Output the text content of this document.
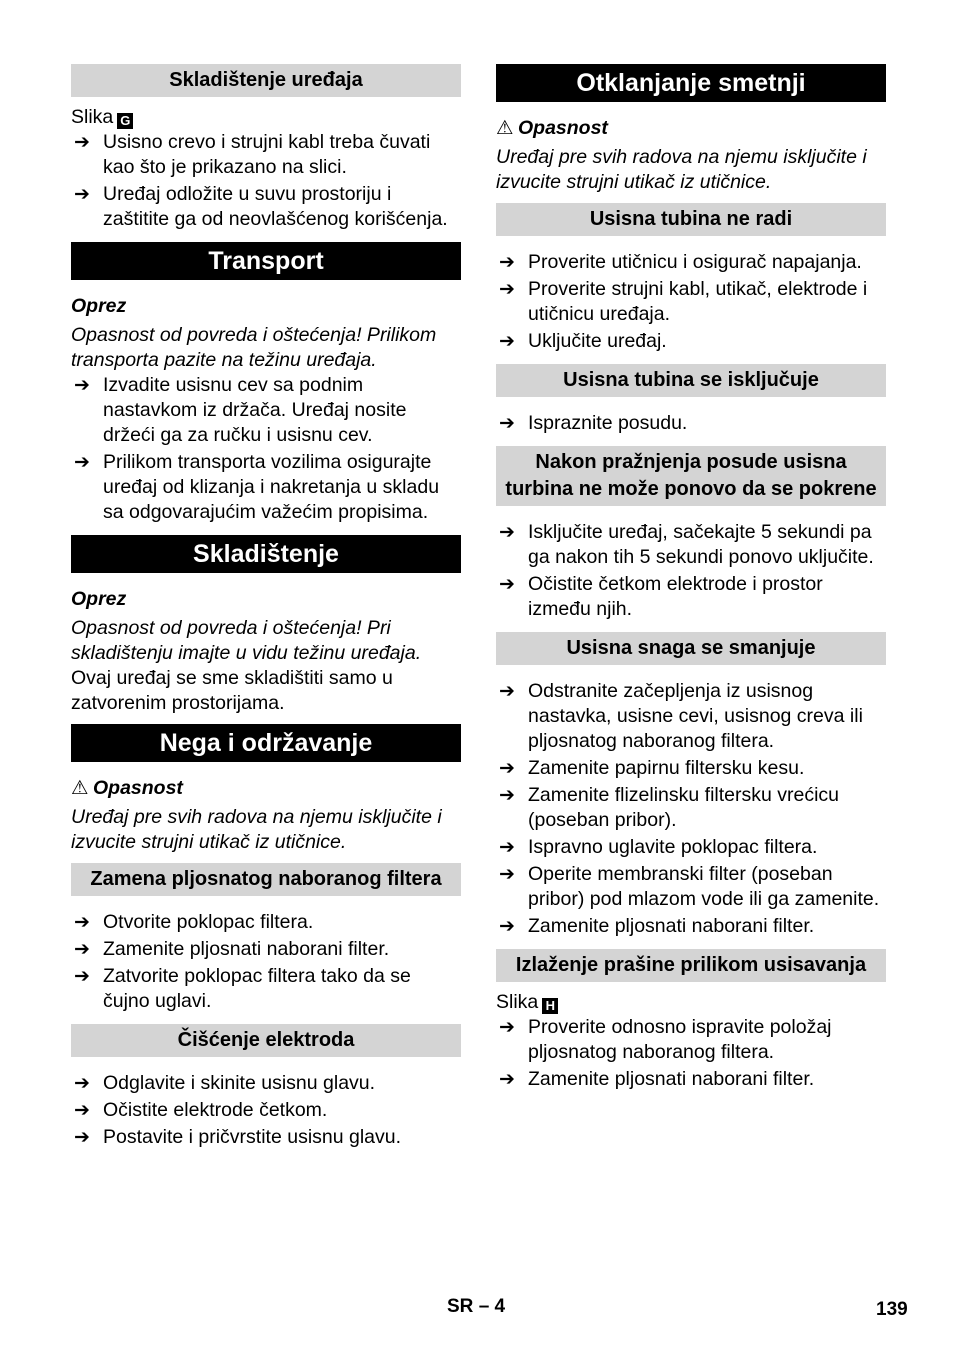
Skladištenje uređaja

Slika G

➔ Usisno crevo i strujni kabl treba čuvati kao što je prikazano na slici.
➔ Uređaj odložite u suvu prostoriju i zaštitite ga od neovlašćenog korišćenja.
Transport

Oprez

Opasnost od povreda i oštećenja! Prilikom transporta pazite na težinu uređaja.

➔ Izvadite usisnu cev sa podnim nastavkom iz držača. Uređaj nosite držeći ga za ručku i usisnu cev.
➔ Prilikom transporta vozilima osigurajte uređaj od klizanja i nakretanja u skladu sa odgovarajućim važećim propisima.
Skladištenje

Oprez

Opasnost od povreda i oštećenja! Pri skladištenju imajte u vidu težinu uređaja.

Ovaj uređaj se sme skladištiti samo u zatvorenim prostorijama.

Nega i održavanje

⚠ Opasnost

Uređaj pre svih radova na njemu isključite i izvucite strujni utikač iz utičnice.

Zamena pljosnatog naboranog filtera
➔ Otvorite poklopac filtera.
➔ Zamenite pljosnati naborani filter.
➔ Zatvorite poklopac filtera tako da se čujno uglavi.
Čišćenje elektroda
➔ Odglavite i skinite usisnu glavu.
➔ Očistite elektrode četkom.
➔ Postavite i pričvrstite usisnu glavu.
Otklanjanje smetnji

⚠ Opasnost

Uređaj pre svih radova na njemu isključite i izvucite strujni utikač iz utičnice.

Usisna tubina ne radi
➔ Proverite utičnicu i osigurač napajanja.
➔ Proverite strujni kabl, utikač, elektrode i utičnicu uređaja.
➔ Uključite uređaj.
Usisna tubina se isključuje
➔ Ispraznite posudu.
Nakon pražnjenja posude usisna turbina ne može ponovo da se pokrene
➔ Isključite uređaj, sačekajte 5 sekundi pa ga nakon tih 5 sekundi ponovo uključite.
➔ Očistite četkom elektrode i prostor između njih.
Usisna snaga se smanjuje
➔ Odstranite začepljenja iz usisnog nastavka, usisne cevi, usisnog creva ili pljosnatog naboranog filtera.
➔ Zamenite papirnu filtersku kesu.
➔ Zamenite flizelinsku filtersku vrećicu (poseban pribor).
➔ Ispravno uglavite poklopac filtera.
➔ Operite membranski filter (poseban pribor) pod mlazom vode ili ga zamenite.
➔ Zamenite pljosnati naborani filter.
Izlaženje prašine prilikom usisavanja

Slika H

➔ Proverite odnosno ispravite položaj pljosnatog naboranog filtera.
➔ Zamenite pljosnati naborani filter.
SR – 4	139
